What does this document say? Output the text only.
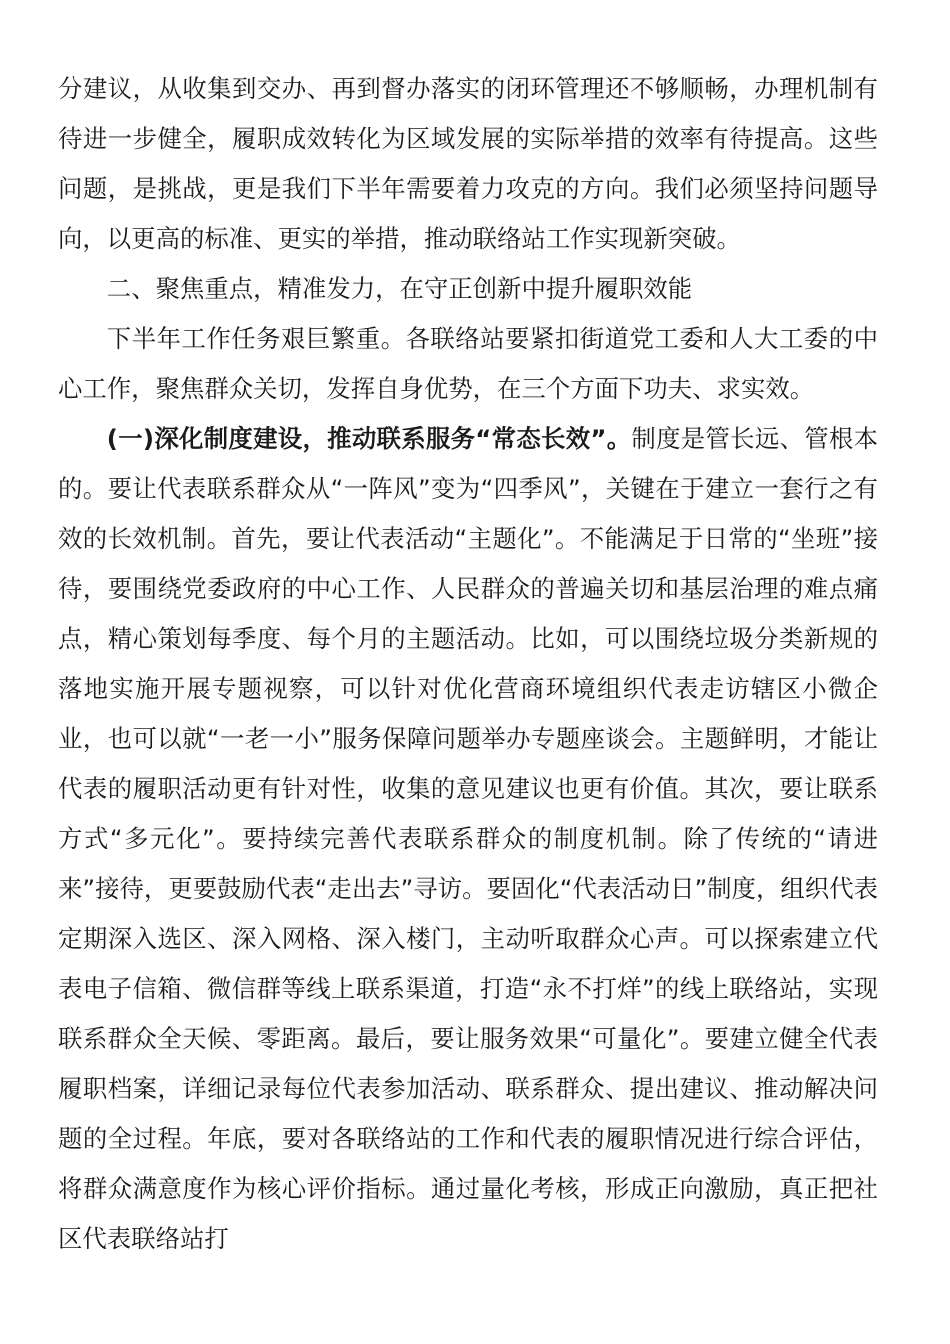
分建议，从收集到交办、再到督办落实的闭环管理还不够顺畅，办理机制有待进一步健全，履职成效转化为区域发展的实际举措的效率有待提高。这些问题，是挑战，更是我们下半年需要着力攻克的方向。我们必须坚持问题导向，以更高的标准、更实的举措，推动联络站工作实现新突破。

二、聚焦重点，精准发力，在守正创新中提升履职效能

下半年工作任务艰巨繁重。各联络站要紧扣街道党工委和人大工委的中心工作，聚焦群众关切，发挥自身优势，在三个方面下功夫、求实效。

(一)深化制度建设，推动联系服务“常态长效”。制度是管长远、管根本的。要让代表联系群众从“一阵风”变为“四季风”，关键在于建立一套行之有效的长效机制。首先，要让代表活动“主题化”。不能满足于日常的“坐班”接待，要围绕党委政府的中心工作、人民群众的普遍关切和基层治理的难点痛点，精心策划每季度、每个月的主题活动。比如，可以围绕垃圾分类新规的落地实施开展专题视察，可以针对优化营商环境组织代表走访辖区小微企业，也可以就“一老一小”服务保障问题举办专题座谈会。主题鲜明，才能让代表的履职活动更有针对性，收集的意见建议也更有价值。其次，要让联系方式“多元化”。要持续完善代表联系群众的制度机制。除了传统的“请进来”接待，更要鼓励代表“走出去”寻访。要固化“代表活动日”制度，组织代表定期深入选区、深入网格、深入楼门，主动听取群众心声。可以探索建立代表电子信箱、微信群等线上联系渠道，打造“永不打烊”的线上联络站，实现联系群众全天候、零距离。最后，要让服务效果“可量化”。要建立健全代表履职档案，详细记录每位代表参加活动、联系群众、提出建议、推动解决问题的全过程。年底，要对各联络站的工作和代表的履职情况进行综合评估，将群众满意度作为核心评价指标。通过量化考核，形成正向激励，真正把社区代表联络站打
